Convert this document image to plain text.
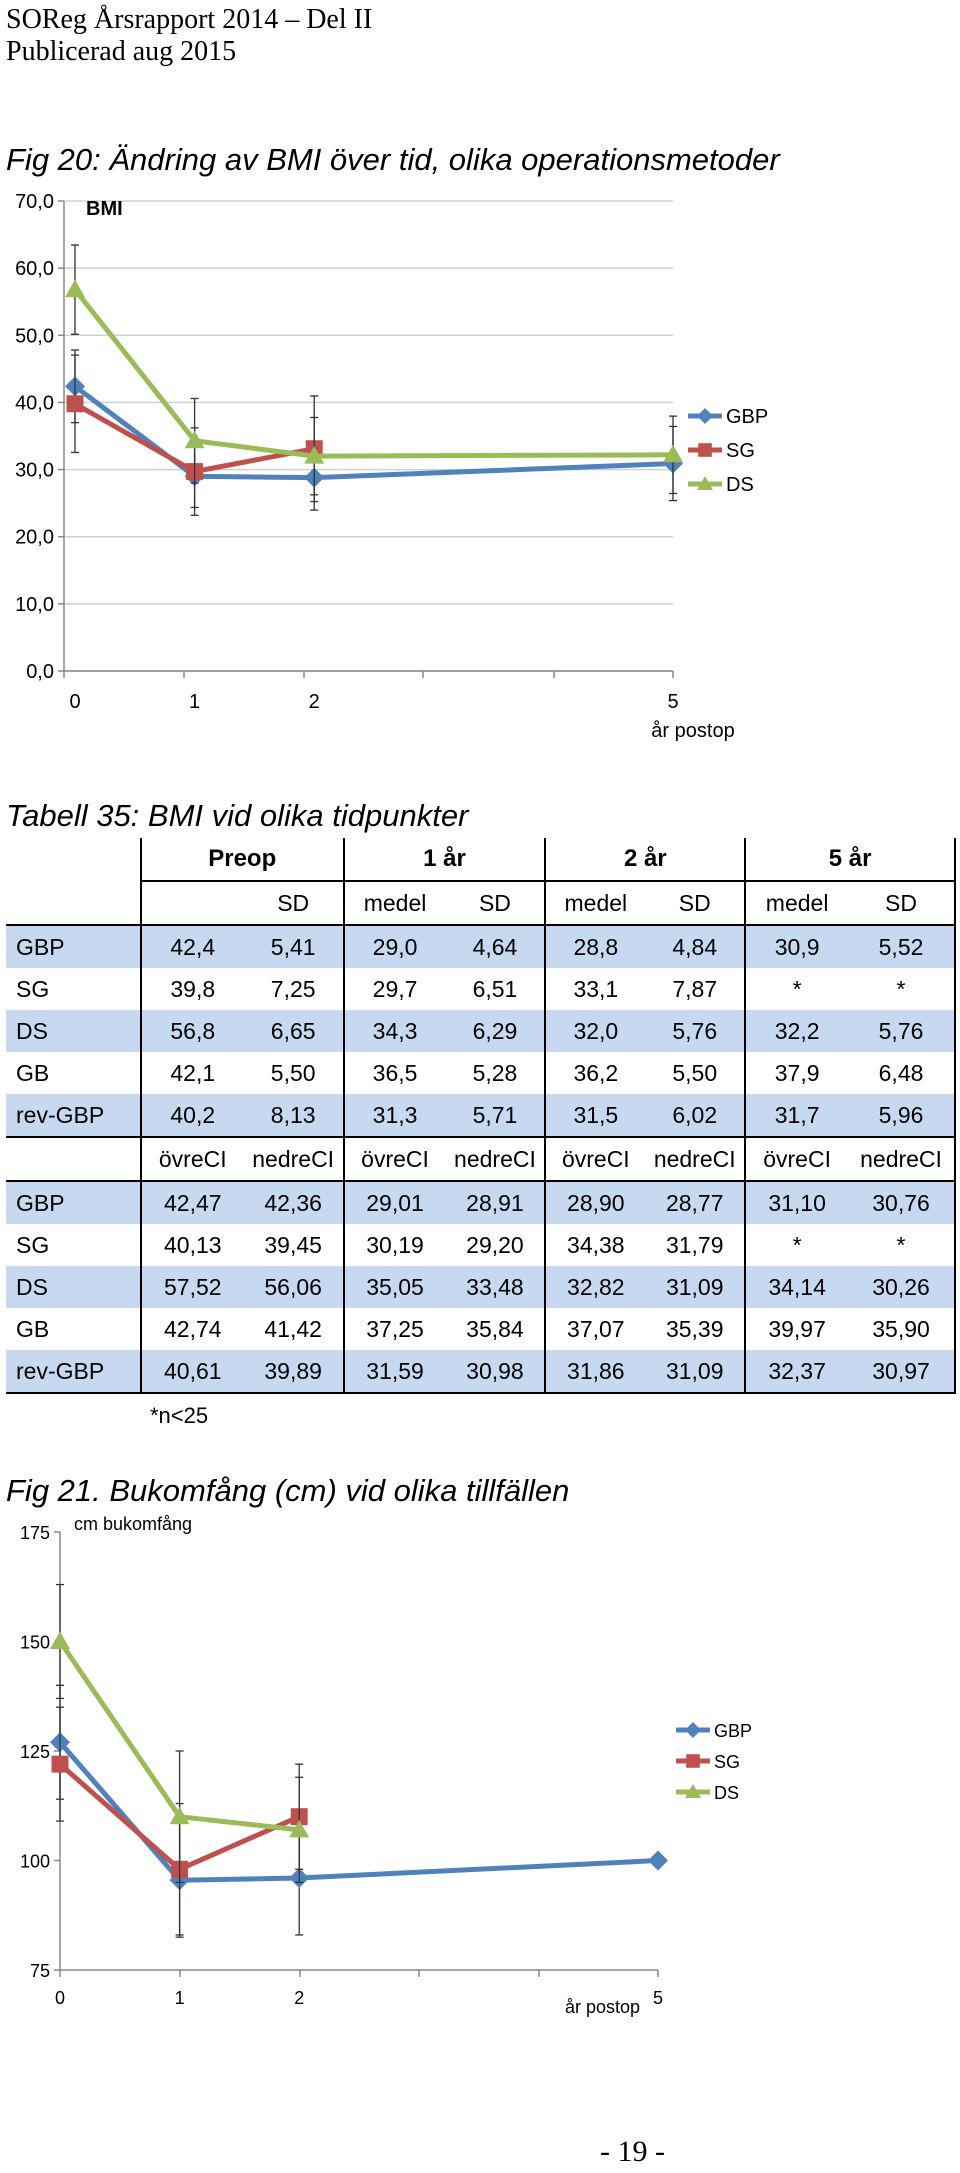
SOReg Årsrapport 2014 – Del II
Publicerad aug 2015
Fig 20: Ändring av BMI över tid, olika operationsmetoder
0,0
10,0
20,0
30,0
40,0
50,0
60,0
70,0
0	1	2	5
BMI
år postop
GBP
SG
DS
Tabell 35: BMI vid olika tidpunkter
	Preop		1 år		2 år		5 år	
		SD	medel	SD	medel	SD	medel	SD
GBP	42,4	5,41	29,0	4,64	28,8	4,84	30,9	5,52
SG	39,8	7,25	29,7	6,51	33,1	7,87	*	*
DS	56,8	6,65	34,3	6,29	32,0	5,76	32,2	5,76
GB	42,1	5,50	36,5	5,28	36,2	5,50	37,9	6,48
rev-GBP	40,2	8,13	31,3	5,71	31,5	6,02	31,7	5,96
	övreCI	nedreCI	övreCI	nedreCI	övreCI	nedreCI	övreCI	nedreCI
GBP	42,47	42,36	29,01	28,91	28,90	28,77	31,10	30,76
SG	40,13	39,45	30,19	29,20	34,38	31,79	*	*
DS	57,52	56,06	35,05	33,48	32,82	31,09	34,14	30,26
GB	42,74	41,42	37,25	35,84	37,07	35,39	39,97	35,90
rev-GBP	40,61	39,89	31,59	30,98	31,86	31,09	32,37	30,97
*n<25
Fig 21. Bukomfång (cm) vid olika tillfällen
75
100
125
150
175
0	1	2	5
cm bukomfång
år postop
GBP
SG
DS
- 19 -
